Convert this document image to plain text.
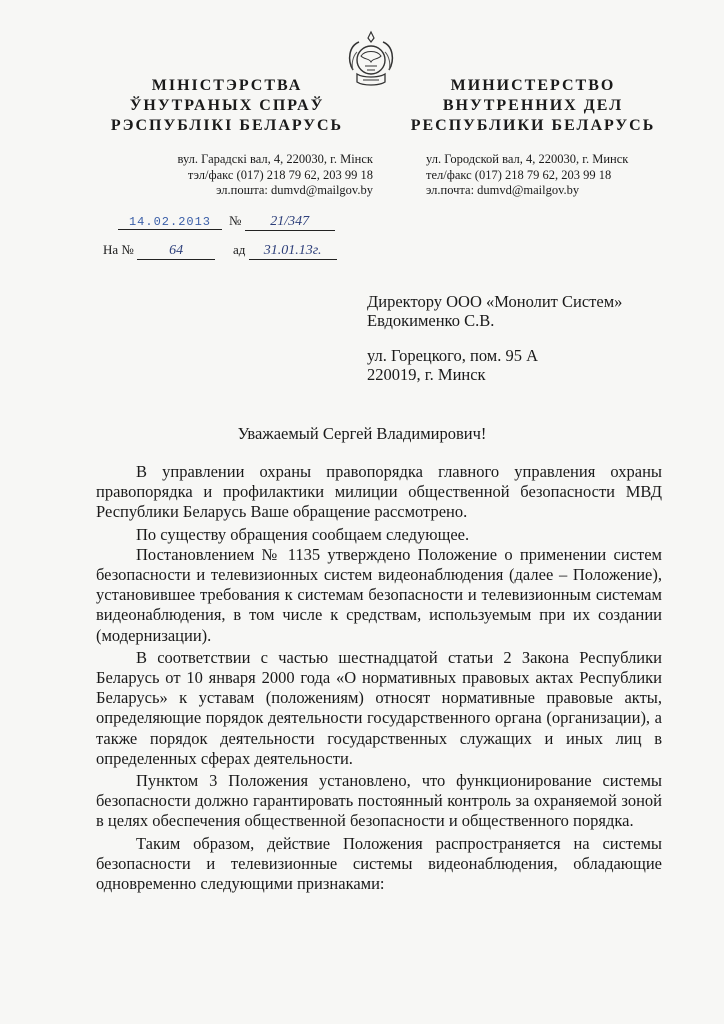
МІНІСТЭРСТВА
ЎНУТРАНЫХ СПРАЎ
РЭСПУБЛІКІ БЕЛАРУСЬ
вул. Гарадскі вал, 4, 220030, г. Мінск
тэл/факс (017) 218 79 62, 203 99 18
эл.пошта: dumvd@mailgov.by
МИНИСТЕРСТВО
ВНУТРЕННИХ ДЕЛ
РЕСПУБЛИКИ БЕЛАРУСЬ
ул. Городской вал, 4, 220030, г. Минск
тел/факс (017) 218 79 62, 203 99 18
эл.почта: dumvd@mailgov.by
14.02.2013	№ 21/347
На №	64	ад 31.01.13г.
Директору ООО «Монолит Систем»
Евдокименко С.В.
ул. Горецкого, пом. 95 А
220019, г. Минск
Уважаемый Сергей Владимирович!

В управлении охраны правопорядка главного управления охраны правопорядка и профилактики милиции общественной безопасности МВД Республики Беларусь Ваше обращение рассмотрено.

По существу обращения сообщаем следующее.

Постановлением № 1135 утверждено Положение о применении систем безопасности и телевизионных систем видеонаблюдения (далее – Положение), установившее требования к системам безопасности и телевизионным системам видеонаблюдения, в том числе к средствам, используемым при их создании (модернизации).

В соответствии с частью шестнадцатой статьи 2 Закона Республики Беларусь от 10 января 2000 года «О нормативных правовых актах Республики Беларусь» к уставам (положениям) относят нормативные правовые акты, определяющие порядок деятельности государственного органа (организации), а также порядок деятельности государственных служащих и иных лиц в определенных сферах деятельности.

Пунктом 3 Положения установлено, что функционирование системы безопасности должно гарантировать постоянный контроль за охраняемой зоной в целях обеспечения общественной безопасности и общественного порядка.

Таким образом, действие Положения распространяется на системы безопасности и телевизионные системы видеонаблюдения, обладающие одновременно следующими признаками:
